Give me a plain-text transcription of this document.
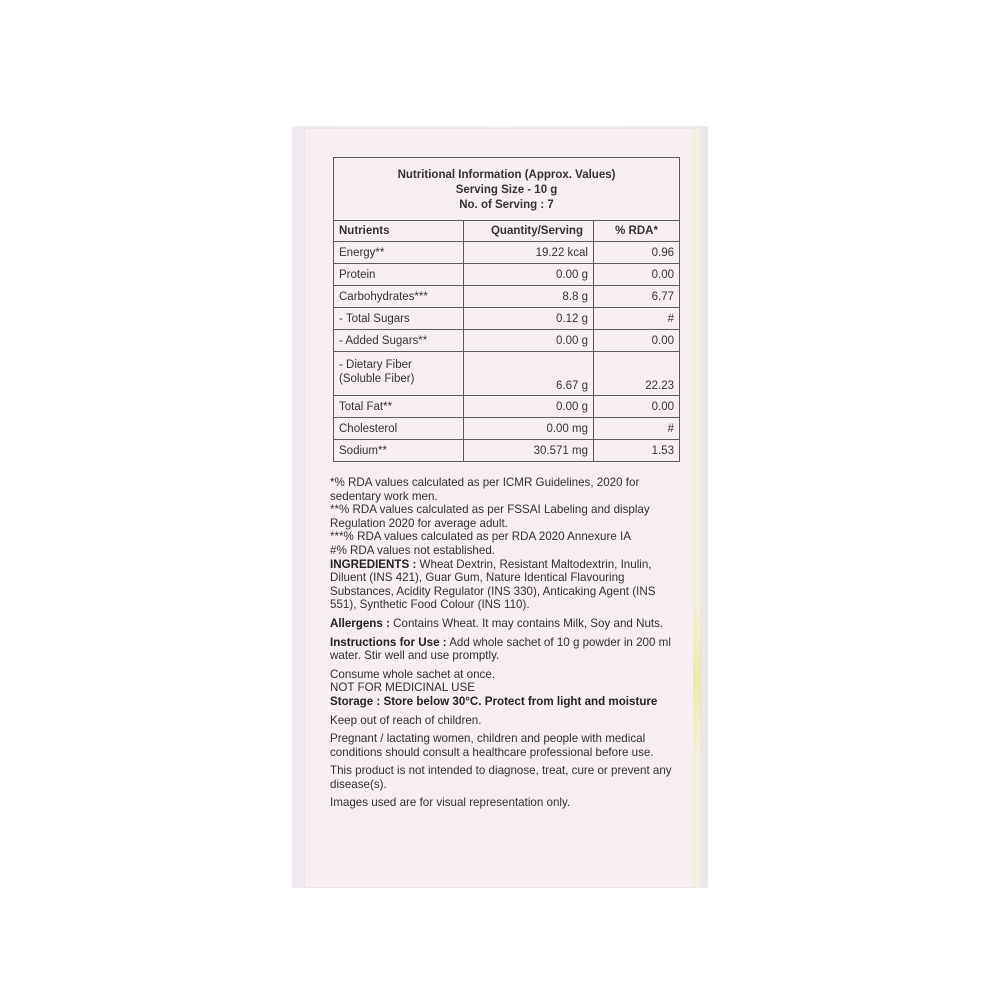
Nutritional Information (Approx. Values)
Serving Size - 10 g
No. of Serving : 7		

Nutrients	Quantity/Serving	% RDA*
Energy**	19.22 kcal	0.96
Protein	0.00 g	0.00
Carbohydrates***	8.8 g	6.77
- Total Sugars	0.12 g	#
- Added Sugars**	0.00 g	0.00

- Dietary Fiber
(Soluble Fiber)	6.67 g	22.23
Total Fat**	0.00 g	0.00
Cholesterol	0.00 mg	#
Sodium**	30.571 mg	1.53

*% RDA values calculated as per ICMR Guidelines, 2020 for sedentary work men.

**% RDA values calculated as per FSSAI Labeling and display Regulation 2020 for average adult.

***% RDA values calculated as per RDA 2020 Annexure IA

#% RDA values not established.

INGREDIENTS : Wheat Dextrin, Resistant Maltodextrin, Inulin, Diluent (INS 421), Guar Gum, Nature Identical Flavouring Substances, Acidity Regulator (INS 330), Anticaking Agent (INS 551), Synthetic Food Colour (INS 110).

Allergens : Contains Wheat. It may contains Milk, Soy and Nuts.

Instructions for Use : Add whole sachet of 10 g powder in 200 ml water. Stir well and use promptly.

Consume whole sachet at once.

NOT FOR MEDICINAL USE

Storage : Store below 30°C. Protect from light and moisture

Keep out of reach of children.

Pregnant / lactating women, children and people with medical conditions should consult a healthcare professional before use.

This product is not intended to diagnose, treat, cure or prevent any disease(s).

Images used are for visual representation only.
